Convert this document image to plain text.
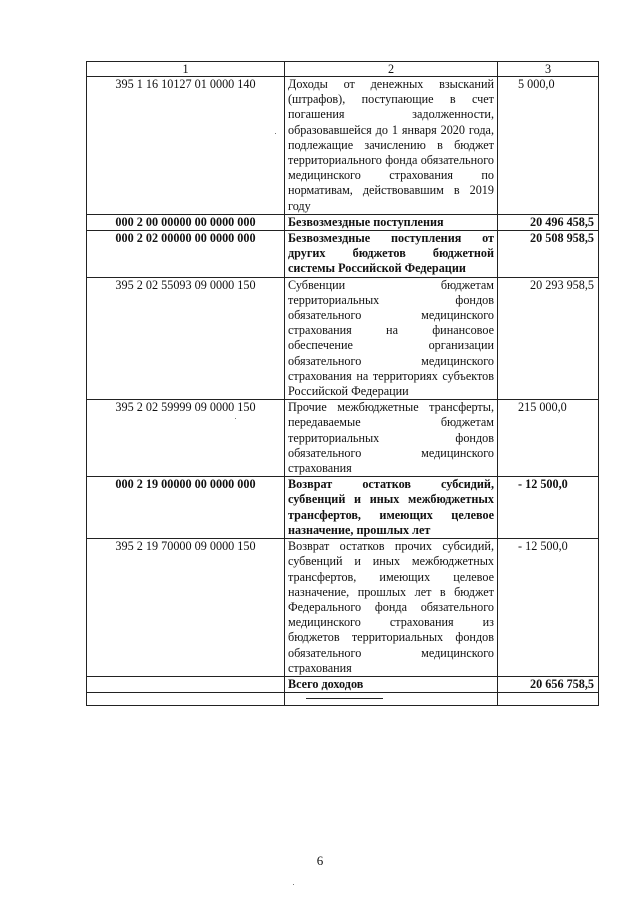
1	2	3
395 1 16 10127 01 0000 140	Доходы от денежных взысканий (штрафов), поступающие в счет погашения задолженности, образовавшейся до 1 января 2020 года, подлежащие зачислению в бюджет территориального фонда обязательного медицинского страхования по нормативам, действовавшим в 2019 году	5 000,0
000 2 00 00000 00 0000 000	Безвозмездные поступления	20 496 458,5
000 2 02 00000 00 0000 000	Безвозмездные поступления от других бюджетов бюджетной системы Российской Федерации	20 508 958,5
395 2 02 55093 09 0000 150	Субвенции бюджетам территориальных фондов обязательного медицинского страхования на финансовое обеспечение организации обязательного медицинского страхования на территориях субъектов Российской Федерации	20 293 958,5
395 2 02 59999 09 0000 150	Прочие межбюджетные трансферты, передаваемые бюджетам территориальных фондов обязательного медицинского страхования	215 000,0
000 2 19 00000 00 0000 000	Возврат остатков субсидий, субвенций и иных межбюджетных трансфертов, имеющих целевое назначение, прошлых лет	- 12 500,0
395 2 19 70000 09 0000 150	Возврат остатков прочих субсидий, субвенций и иных межбюджетных трансфертов, имеющих целевое назначение, прошлых лет в бюджет Федерального фонда обязательного медицинского страхования из бюджетов территориальных фондов обязательного медицинского страхования	- 12 500,0
	Всего доходов	20 656 758,5

6
